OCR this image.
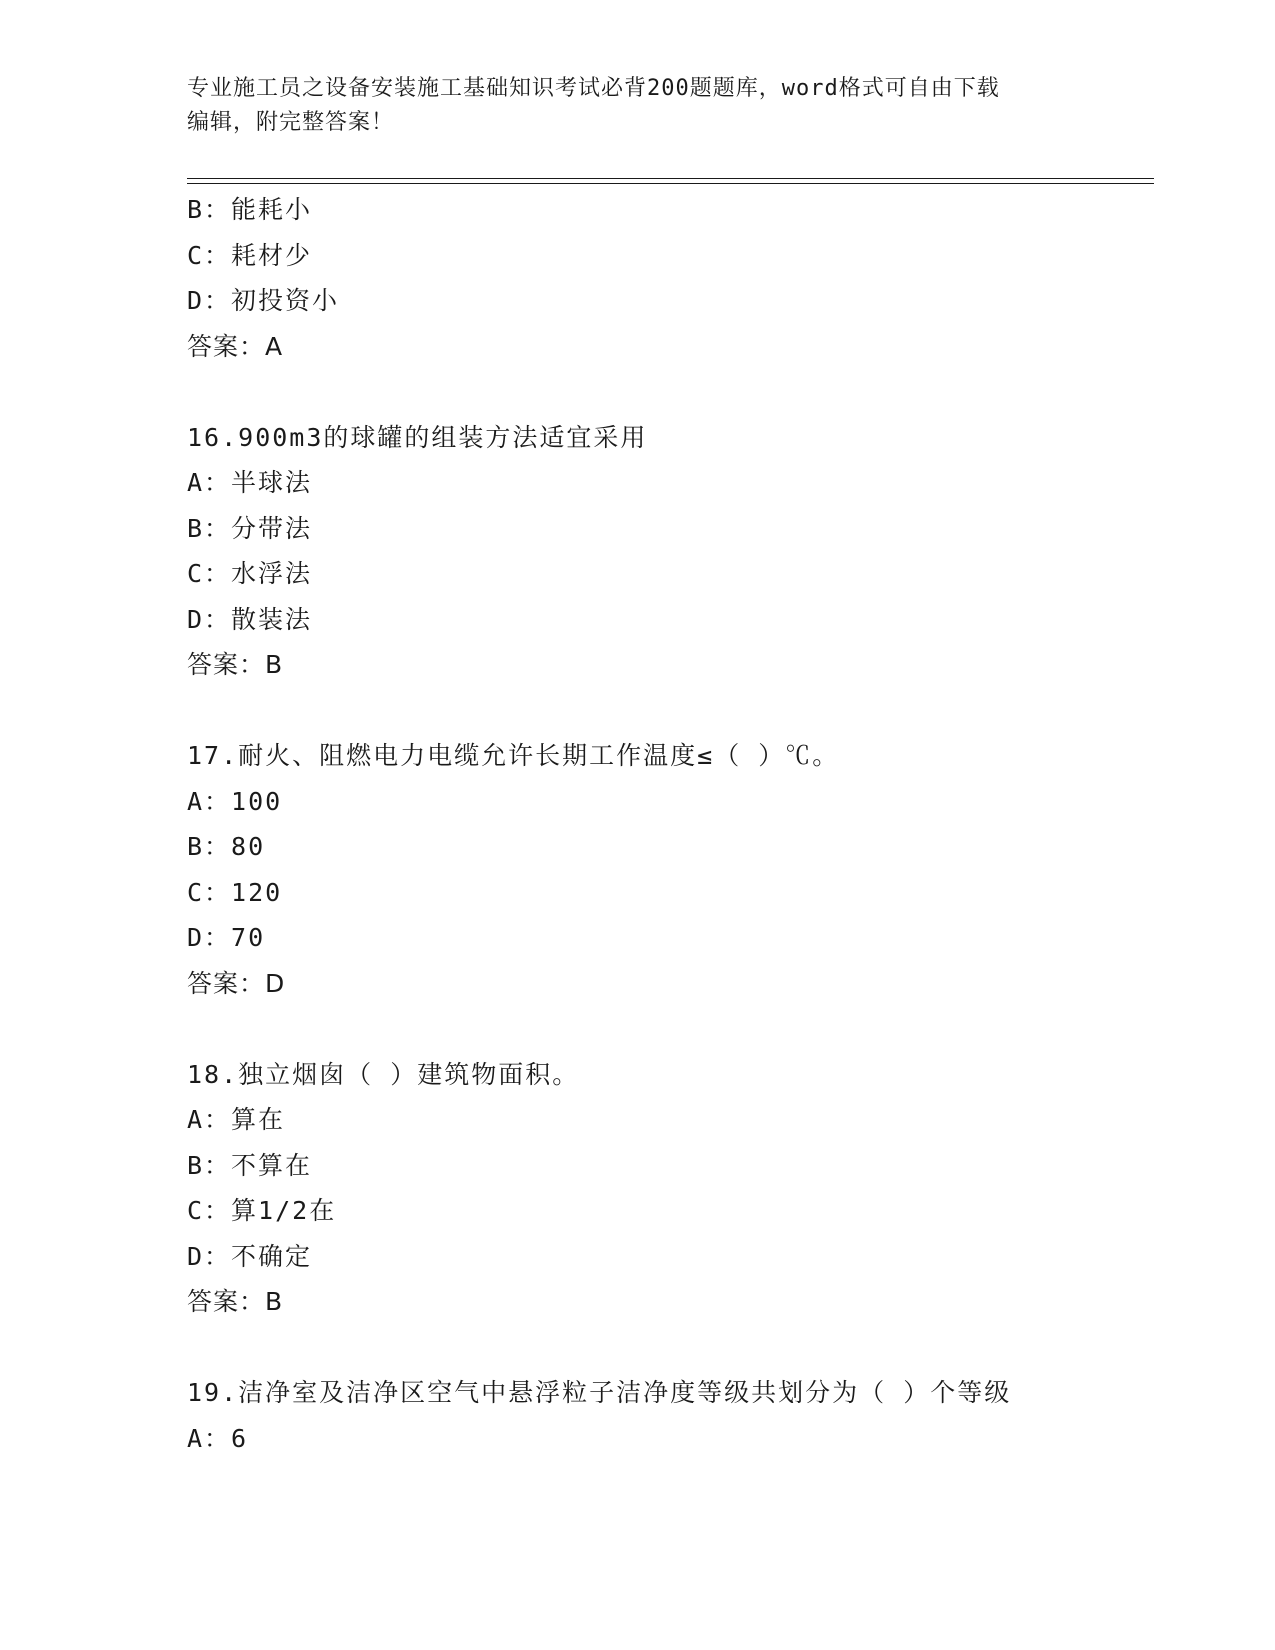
专业施工员之设备安装施工基础知识考试必背200题题库，word格式可自由下载
编辑，附完整答案！
B：能耗小
C：耗材少
D：初投资小
答案：A
16.900m3的球罐的组装方法适宜采用
A：半球法
B：分带法
C：水浮法
D：散装法
答案：B
17.耐火、阻燃电力电缆允许长期工作温度≤（ ）℃。
A：100
B：80
C：120
D：70
答案：D
18.独立烟囱（ ）建筑物面积。
A：算在
B：不算在
C：算1/2在
D：不确定
答案：B
19.洁净室及洁净区空气中悬浮粒子洁净度等级共划分为（ ）个等级
A：6
